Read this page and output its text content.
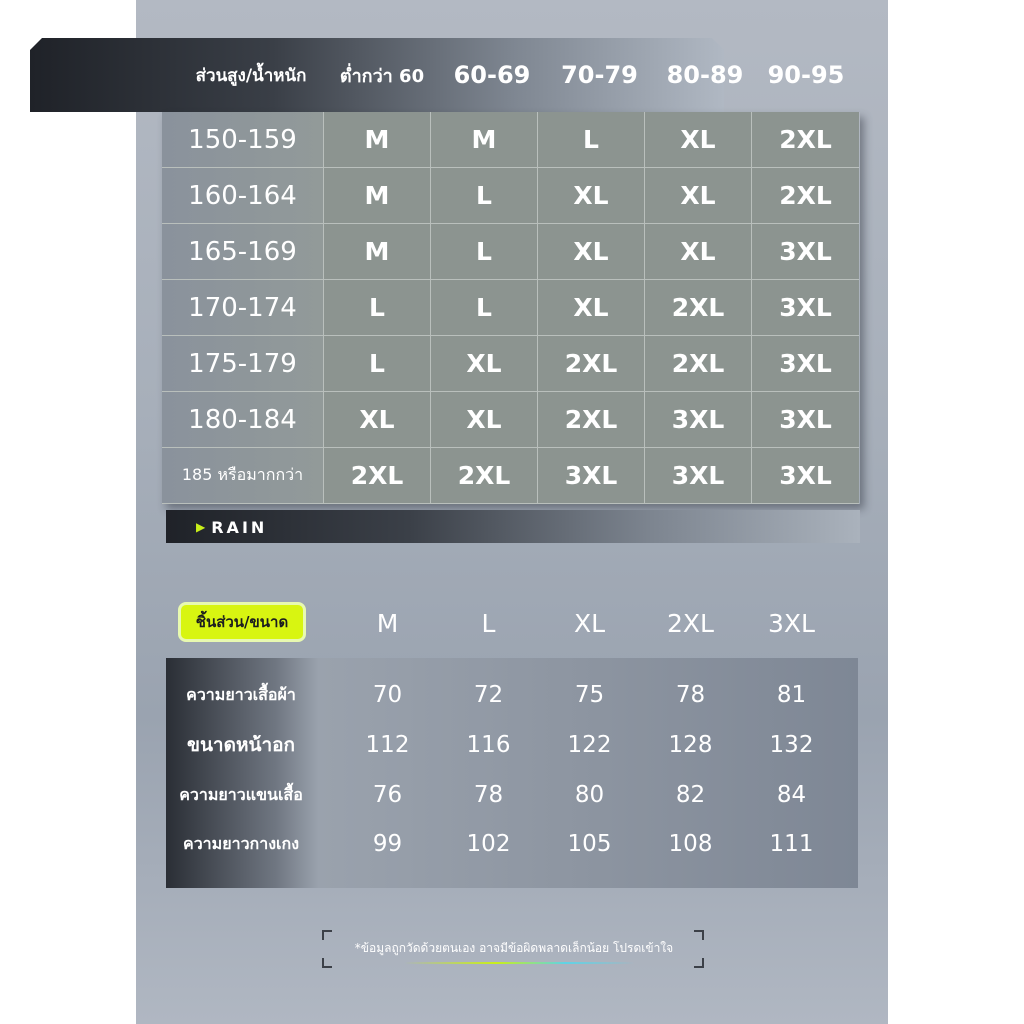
ส่วนสูง/น้ำหนัก	ต่ำกว่า 60	60-69	70-79	80-89	90-95
150-159	M	M	L	XL	2XL
160-164	M	L	XL	XL	2XL
165-169	M	L	XL	XL	3XL
170-174	L	L	XL	2XL	3XL
175-179	L	XL	2XL	2XL	3XL
180-184	XL	XL	2XL	3XL	3XL
185 หรือมากกว่า	2XL	2XL	3XL	3XL	3XL
▶ RAIN
ชิ้นส่วน/ขนาด	M	L	XL	2XL	3XL
ความยาวเสื้อผ้า	70	72	75	78	81
ขนาดหน้าอก	112	116	122	128	132
ความยาวแขนเสื้อ	76	78	80	82	84
ความยาวกางเกง	99	102	105	108	111
*ข้อมูลถูกวัดด้วยตนเอง อาจมีข้อผิดพลาดเล็กน้อย โปรดเข้าใจ
